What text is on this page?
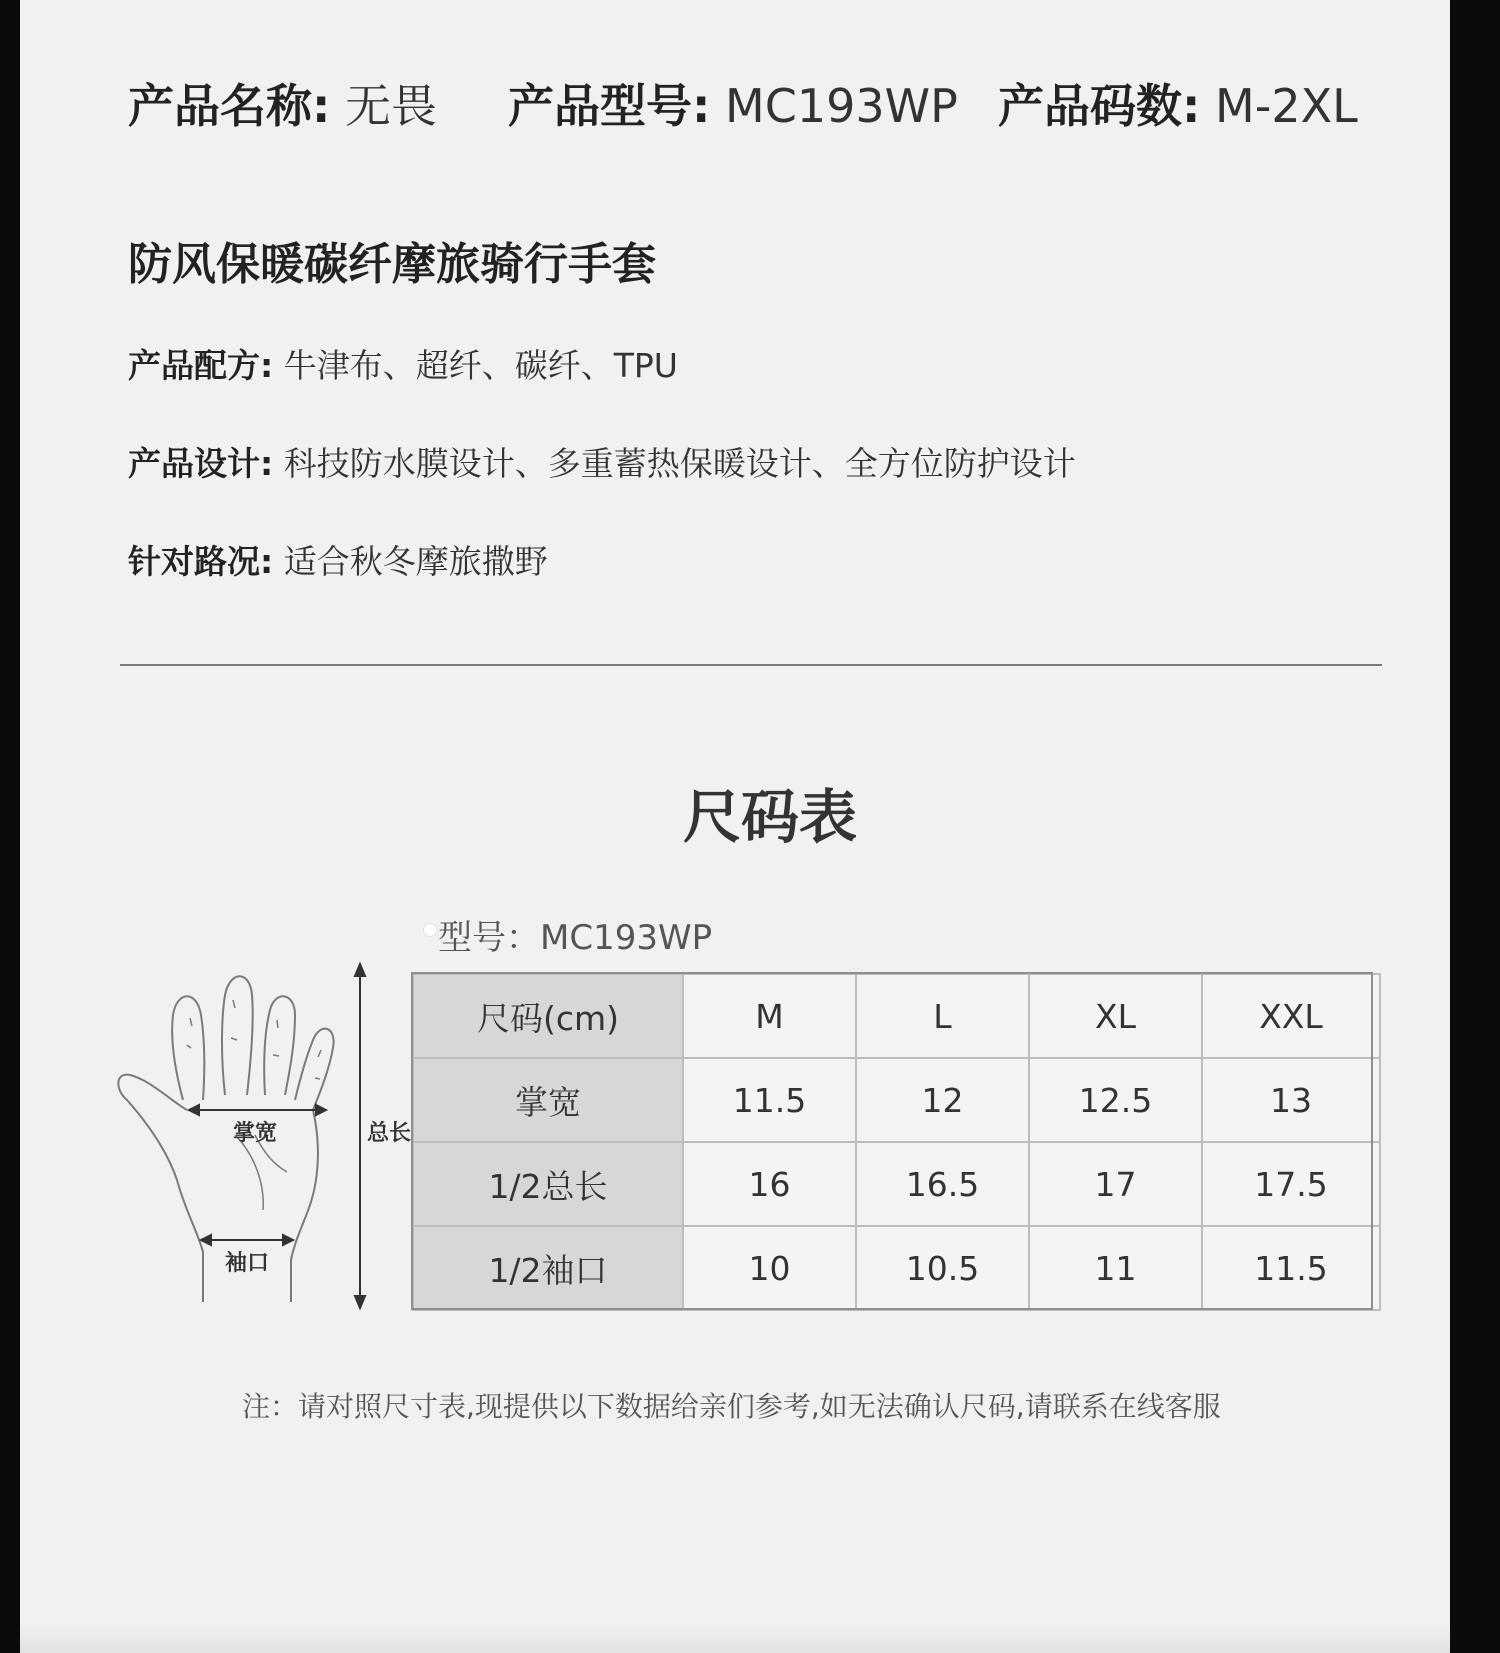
产品名称: 无畏 产品型号: MC193WP 产品码数: M-2XL
防风保暖碳纤摩旅骑行手套
产品配方: 牛津布、超纤、碳纤、TPU
产品设计: 科技防水膜设计、多重蓄热保暖设计、全方位防护设计
针对路况: 适合秋冬摩旅撒野
尺码表
型号：MC193WP
掌宽	总长
袖口
尺码(cm)	M	L	XL	XXL
掌宽	11.5	12	12.5	13
1/2总长	16	16.5	17	17.5
1/2袖口	10	10.5	11	11.5
注：请对照尺寸表,现提供以下数据给亲们参考,如无法确认尺码,请联系在线客服
